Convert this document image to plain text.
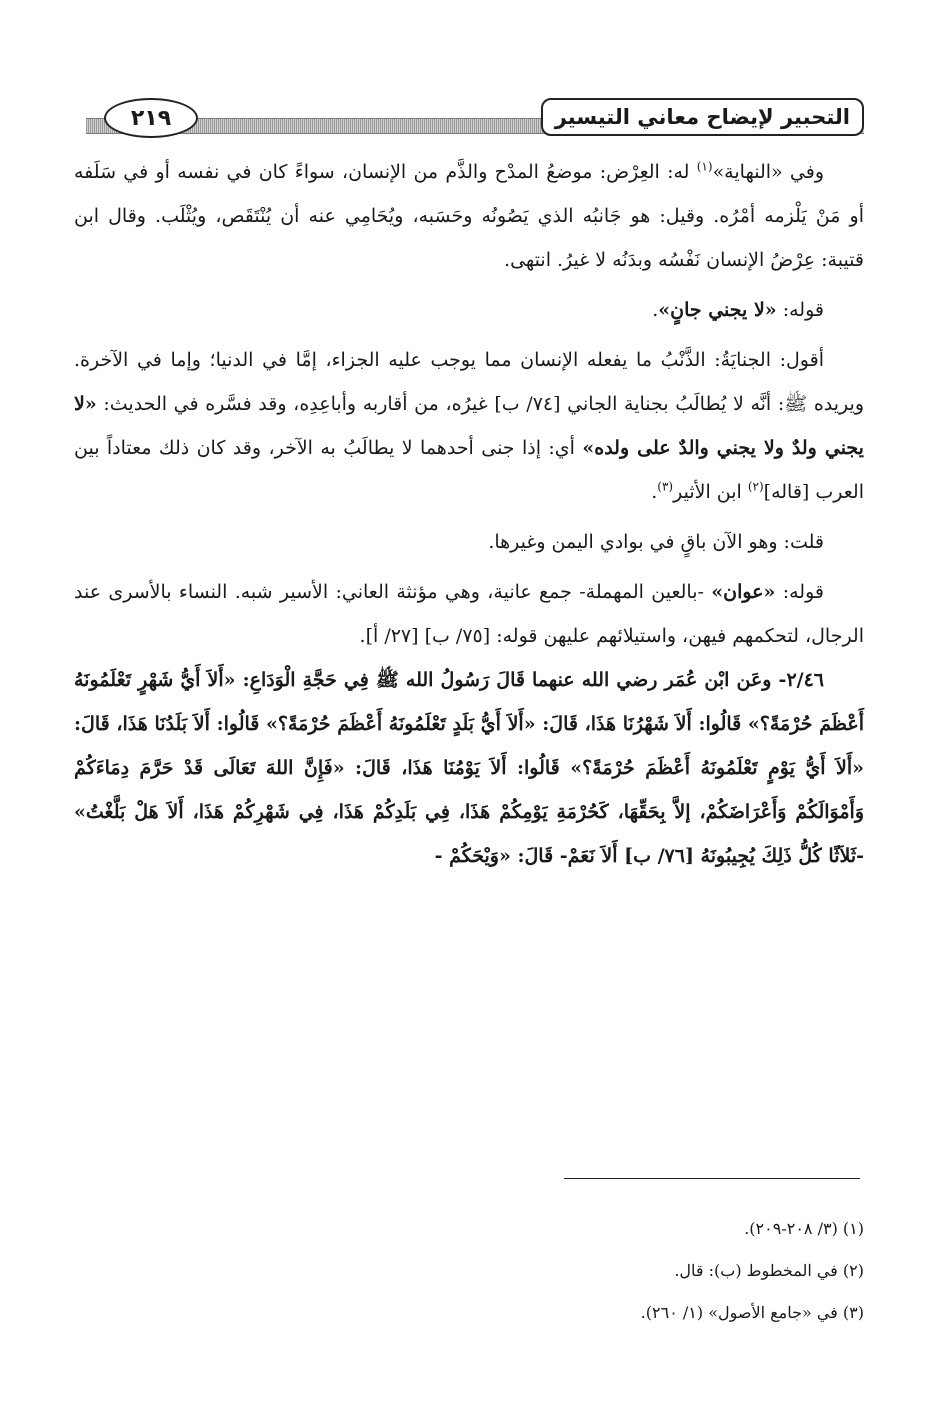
التحبير لإيضاح معاني التيسير
٢١٩

وفي «النهاية»$^{(١)}$ له: العِرْض: موضعُ المدْح والذَّم من الإنسان، سواءً كان في نفسه أو في سَلَفه أو مَنْ يَلْزمه أمْرُه. وقيل: هو جَانبُه الذي يَصُونُه وحَسَبه، ويُحَامِي عنه أن يُنْتَقَص، ويُثْلَب. وقال ابن قتيبة: عِرْضُ الإنسان نَفْسُه وبدَنُه لا غيرُ. انتهى.

قوله: «لا يجني جانٍ».

أقول: الجنايَةُ: الذَّنْبُ ما يفعله الإنسان مما يوجب عليه الجزاء، إمَّا في الدنيا؛ وإما في الآخرة. ويريده ﷺ: أنَّه لا يُطالَبُ بجناية الجاني [٧٤/ ب] غيرُه، من أقاربه وأباعِدِه، وقد فسَّره في الحديث: «لا يجني ولدٌ ولا يجني والدٌ على ولده» أي: إذا جنى أحدهما لا يطالَبُ به الآخر، وقد كان ذلك معتاداً بين العرب [قاله]$^{(٢)}$ ابن الأثير$^{(٣)}$.

قلت: وهو الآن باقٍ في بوادي اليمن وغيرها.

قوله: «عوان» -بالعين المهملة- جمع عانية، وهي مؤنثة العاني: الأسير شبه. النساء بالأسرى عند الرجال، لتحكمهم فيهن، واستيلائهم عليهن قوله: [٧٥/ ب] [٢٧/ أ].

٢/٤٦- وعَن ابْن عُمَر رضي الله عنهما قَالَ رَسُولُ الله ﷺ فِي حَجَّةِ الْوَدَاعِ: «أَلاَ أَيُّ شَهْرٍ تَعْلَمُونَهُ أَعْظَمَ حُرْمَةً؟» قَالُوا: أَلاَ شَهْرُنَا هَذَا، قَالَ: «أَلاَ أَيُّ بَلَدٍ تَعْلَمُونَهُ أَعْظَمَ حُرْمَةً؟» قَالُوا: أَلاَ بَلَدُنَا هَذَا، قَالَ: «أَلاَ أَيُّ يَوْمٍ تَعْلَمُونَهُ أَعْظَمَ حُرْمَةً؟» قَالُوا: أَلاَ يَوْمُنَا هَذَا، قَالَ: «فَإِنَّ اللهَ تَعَالَى قَدْ حَرَّمَ دِمَاءَكُمْ وَأَمْوَالَكُمْ وَأَعْرَاضَكُمْ، إلاَّ بِحَقِّهَا، كَحُرْمَةِ يَوْمِكُمْ هَذَا، فِي بَلَدِكُمْ هَذَا، فِي شَهْرِكُمْ هَذَا، أَلاَ هَلْ بَلَّغْتُ» -ثَلاَثًا كُلُّ ذَلِكَ يُجِيبُونَهُ [٧٦/ ب] أَلاَ نَعَمْ- قَالَ: «وَيْحَكُمْ -

(١) (٣/ ٢٠٨-٢٠٩).

(٢) في المخطوط (ب): قال.

(٣) في «جامع الأصول» (١/ ٢٦٠).
